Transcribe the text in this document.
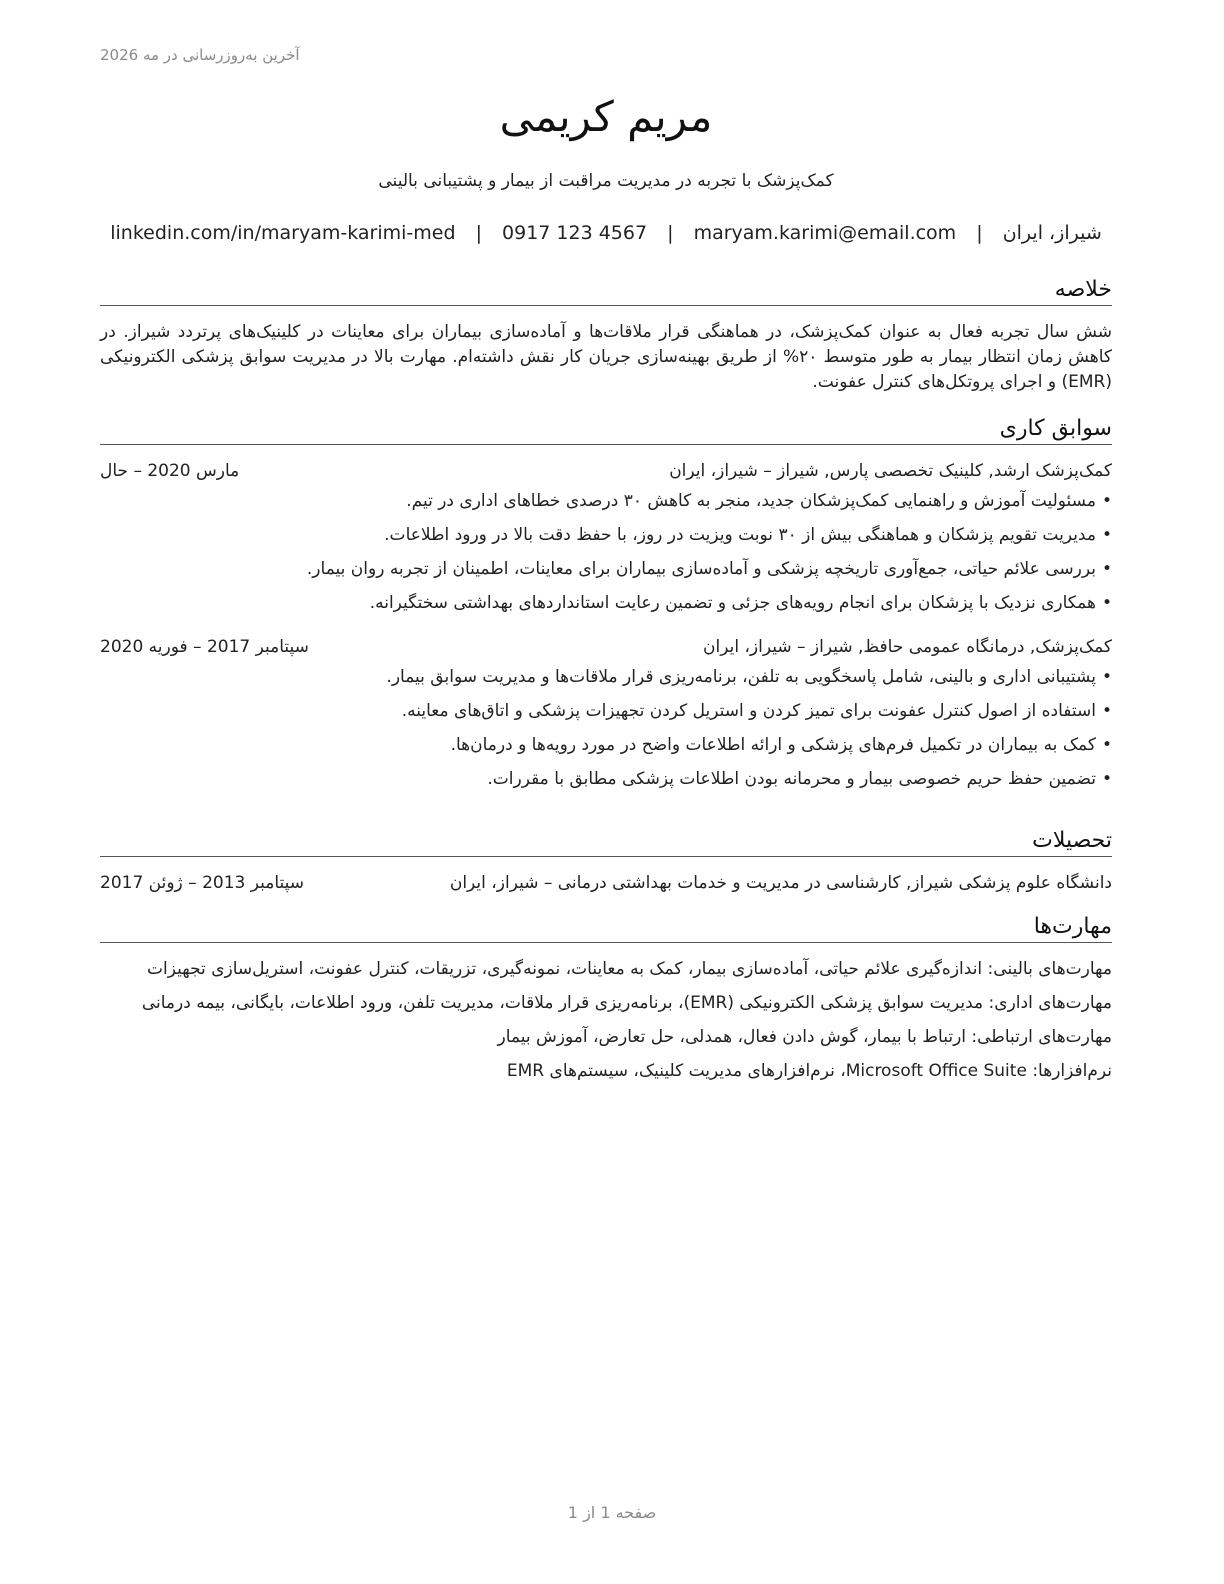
آخرین به‌روزرسانی در مه 2026
مریم کریمی
کمک‌پزشک با تجربه در مدیریت مراقبت از بیمار و پشتیبانی بالینی
شیراز، ایران | maryam.karimi@email.com | 0917 123 4567 | linkedin.com/in/maryam-karimi-med
خلاصه
شش سال تجربه فعال به عنوان کمک‌پزشک، در هماهنگی قرار ملاقات‌ها و آماده‌سازی بیماران برای معاینات در کلینیک‌های پرتردد شیراز. در کاهش زمان انتظار بیمار به طور متوسط ۲۰% از طریق بهینه‌سازی جریان کار نقش داشته‌ام. مهارت بالا در مدیریت سوابق پزشکی الکترونیکی (EMR) و اجرای پروتکل‌های کنترل عفونت.
سوابق کاری
کمک‌پزشک ارشد, کلینیک تخصصی پارس, شیراز – شیراز، ایران
مارس 2020 – حال
•مسئولیت آموزش و راهنمایی کمک‌پزشکان جدید، منجر به کاهش ۳۰ درصدی خطاهای اداری در تیم.
•مدیریت تقویم پزشکان و هماهنگی بیش از ۳۰ نوبت ویزیت در روز، با حفظ دقت بالا در ورود اطلاعات.
•بررسی علائم حیاتی، جمع‌آوری تاریخچه پزشکی و آماده‌سازی بیماران برای معاینات، اطمینان از تجربه روان بیمار.
•همکاری نزدیک با پزشکان برای انجام رویه‌های جزئی و تضمین رعایت استانداردهای بهداشتی سختگیرانه.
کمک‌پزشک, درمانگاه عمومی حافظ, شیراز – شیراز، ایران
سپتامبر 2017 – فوریه 2020
•پشتیبانی اداری و بالینی، شامل پاسخگویی به تلفن، برنامه‌ریزی قرار ملاقات‌ها و مدیریت سوابق بیمار.
•استفاده از اصول کنترل عفونت برای تمیز کردن و استریل کردن تجهیزات پزشکی و اتاق‌های معاینه.
•کمک به بیماران در تکمیل فرم‌های پزشکی و ارائه اطلاعات واضح در مورد رویه‌ها و درمان‌ها.
•تضمین حفظ حریم خصوصی بیمار و محرمانه بودن اطلاعات پزشکی مطابق با مقررات.
تحصیلات
دانشگاه علوم پزشکی شیراز, کارشناسی در مدیریت و خدمات بهداشتی درمانی – شیراز، ایران
سپتامبر 2013 – ژوئن 2017
مهارت‌ها
مهارت‌های بالینی: اندازه‌گیری علائم حیاتی، آماده‌سازی بیمار، کمک به معاینات، نمونه‌گیری، تزریقات، کنترل عفونت، استریل‌سازی تجهیزات
مهارت‌های اداری: مدیریت سوابق پزشکی الکترونیکی (EMR)، برنامه‌ریزی قرار ملاقات، مدیریت تلفن، ورود اطلاعات، بایگانی، بیمه درمانی
مهارت‌های ارتباطی: ارتباط با بیمار، گوش دادن فعال، همدلی، حل تعارض، آموزش بیمار
نرم‌افزارها: Microsoft Office Suite، نرم‌افزارهای مدیریت کلینیک، سیستم‌های EMR
صفحه 1 از 1
